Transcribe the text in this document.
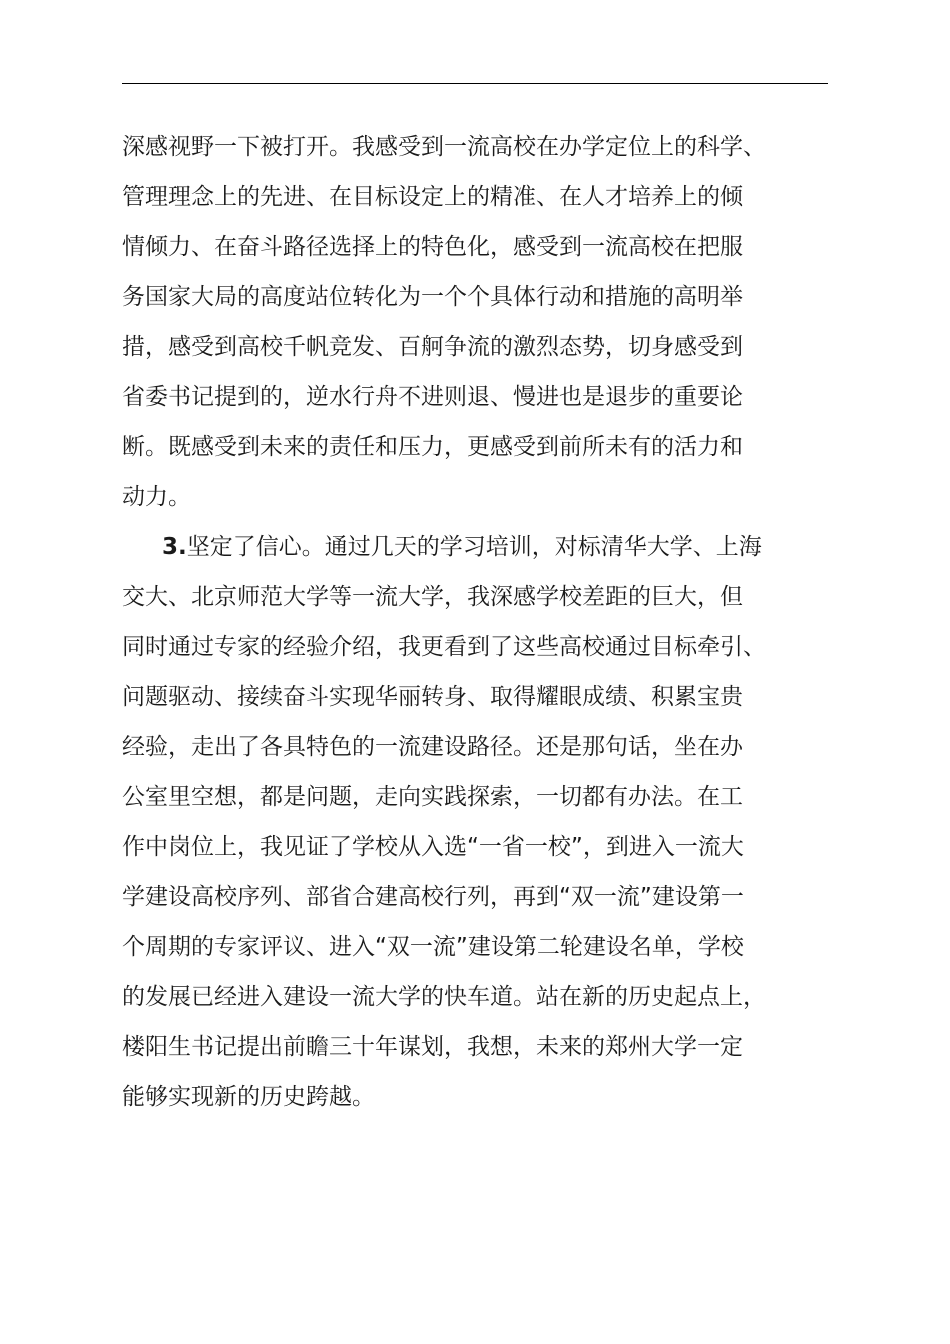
深感视野一下被打开。我感受到一流高校在办学定位上的科学、
管理理念上的先进、在目标设定上的精准、在人才培养上的倾
情倾力、在奋斗路径选择上的特色化，感受到一流高校在把服
务国家大局的高度站位转化为一个个具体行动和措施的高明举
措，感受到高校千帆竞发、百舸争流的激烈态势，切身感受到
省委书记提到的，逆水行舟不进则退、慢进也是退步的重要论
断。既感受到未来的责任和压力，更感受到前所未有的活力和
动力。
3.坚定了信心。通过几天的学习培训，对标清华大学、上海
交大、北京师范大学等一流大学，我深感学校差距的巨大，但
同时通过专家的经验介绍，我更看到了这些高校通过目标牵引、
问题驱动、接续奋斗实现华丽转身、取得耀眼成绩、积累宝贵
经验，走出了各具特色的一流建设路径。还是那句话，坐在办
公室里空想，都是问题，走向实践探索，一切都有办法。在工
作中岗位上，我见证了学校从入选“一省一校”，到进入一流大
学建设高校序列、部省合建高校行列，再到“双一流”建设第一
个周期的专家评议、进入“双一流”建设第二轮建设名单，学校
的发展已经进入建设一流大学的快车道。站在新的历史起点上，
楼阳生书记提出前瞻三十年谋划，我想，未来的郑州大学一定
能够实现新的历史跨越。
